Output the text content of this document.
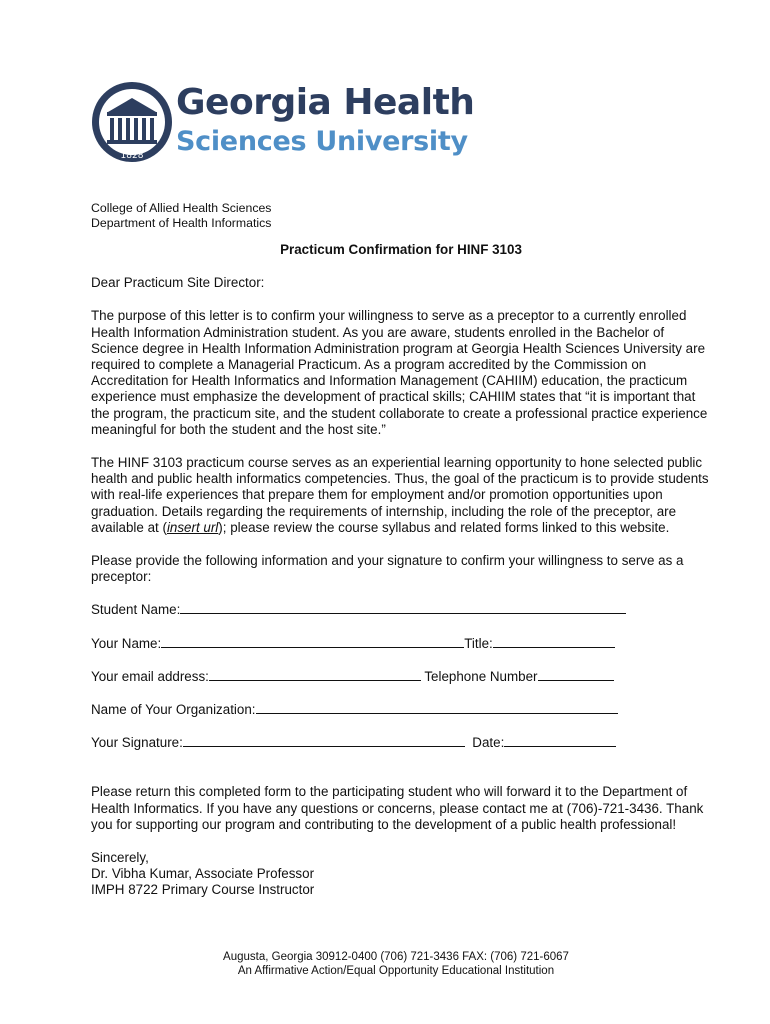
1828
Georgia Health
Sciences University

College of Allied Health Sciences

Department of Health Informatics

Practicum Confirmation for HINF 3103

Dear Practicum Site Director:

The purpose of this letter is to confirm your willingness to serve as a preceptor to a currently enrolled Health Information Administration student. As you are aware, students enrolled in the Bachelor of Science degree in Health Information Administration program at Georgia Health Sciences University are required to complete a Managerial Practicum. As a program accredited by the Commission on Accreditation for Health Informatics and Information Management (CAHIIM) education, the practicum experience must emphasize the development of practical skills; CAHIIM states that “it is important that the program, the practicum site, and the student collaborate to create a professional practice experience meaningful for both the student and the host site.”

The HINF 3103 practicum course serves as an experiential learning opportunity to hone selected public health and public health informatics competencies. Thus, the goal of the practicum is to provide students with real-life experiences that prepare them for employment and/or promotion opportunities upon graduation. Details regarding the requirements of internship, including the role of the preceptor, are available at (insert url); please review the course syllabus and related forms linked to this website.

Please provide the following information and your signature to confirm your willingness to serve as a preceptor:

Student Name:
Your Name:	Title:
Your email address:	Telephone Number
Name of Your Organization:
Your Signature:	Date:

Please return this completed form to the participating student who will forward it to the Department of Health Informatics. If you have any questions or concerns, please contact me at (706)-721-3436. Thank you for supporting our program and contributing to the development of a public health professional!

Sincerely,

Dr. Vibha Kumar, Associate Professor

IMPH 8722 Primary Course Instructor

Augusta, Georgia 30912-0400 (706) 721-3436 FAX: (706) 721-6067
An Affirmative Action/Equal Opportunity Educational Institution
